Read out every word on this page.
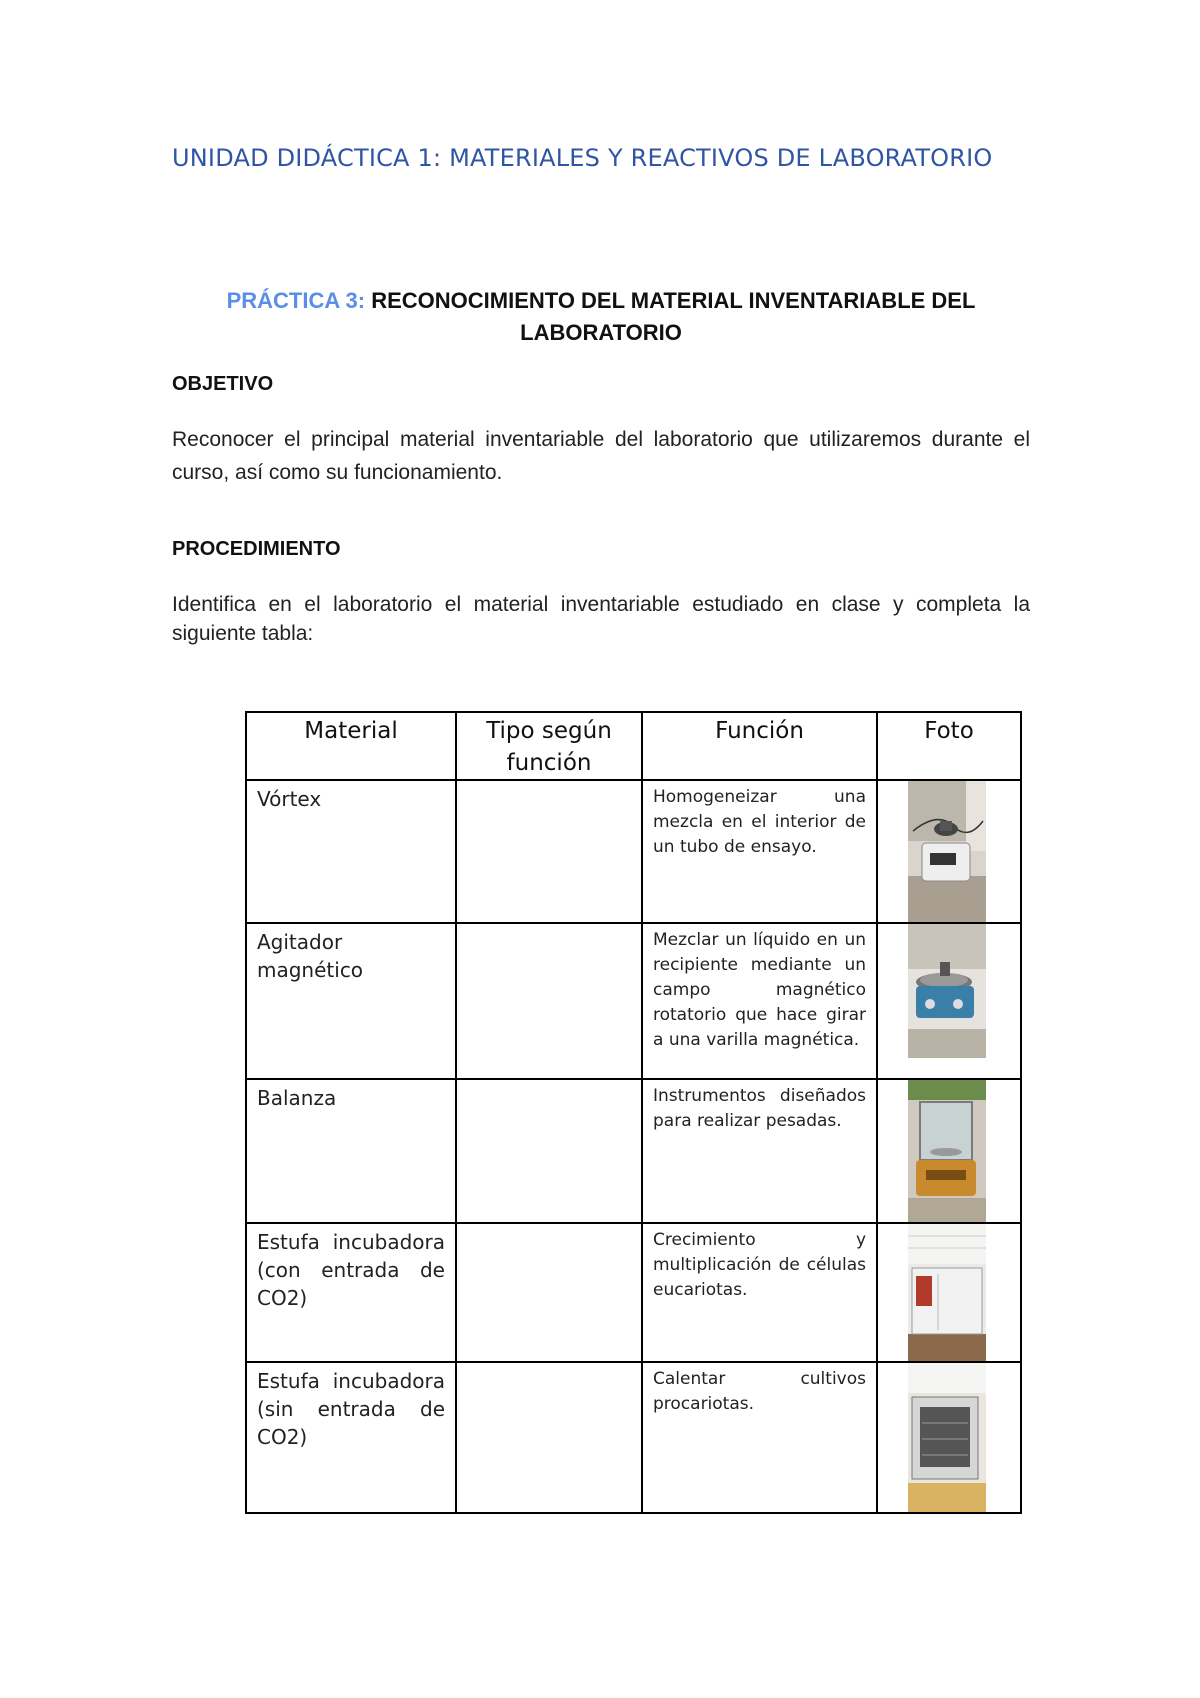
UNIDAD DIDÁCTICA 1: MATERIALES Y REACTIVOS DE LABORATORIO
PRÁCTICA 3: RECONOCIMIENTO DEL MATERIAL INVENTARIABLE DEL LABORATORIO
OBJETIVO
Reconocer el principal material inventariable del laboratorio que utilizaremos durante el curso, así como su funcionamiento.
PROCEDIMIENTO
Identifica en el laboratorio el material inventariable estudiado en clase y completa la siguiente tabla:
Material	Tipo según función	Función	Foto
Vórtex		Homogeneizar una mezcla en el interior de un tubo de ensayo.	

Agitador magnético		Mezclar un líquido en un recipiente mediante un campo magnético rotatorio que hace girar a una varilla magnética.	

Balanza		Instrumentos diseñados para realizar pesadas.	

Estufa incubadora (con entrada de CO2)		Crecimiento y multiplicación de células eucariotas.	

Estufa incubadora (sin entrada de CO2)		Calentar cultivos procariotas.	
